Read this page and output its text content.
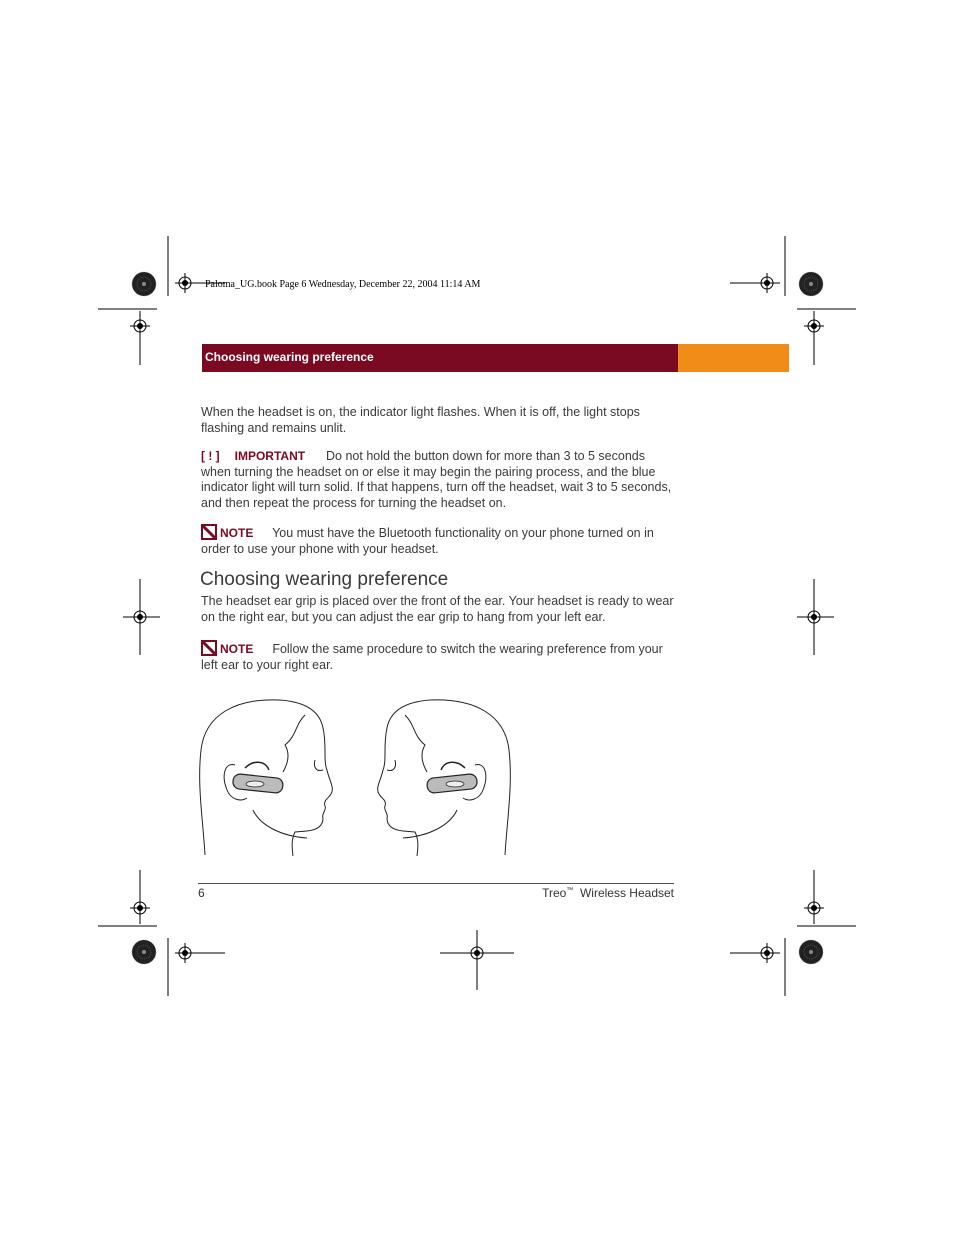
Paloma_UG.book Page 6 Wednesday, December 22, 2004 11:14 AM
Choosing wearing preference
When the headset is on, the indicator light flashes. When it is off, the light stops flashing and remains unlit.
[ ! ] IMPORTANT Do not hold the button down for more than 3 to 5 seconds when turning the headset on or else it may begin the pairing process, and the blue indicator light will turn solid. If that happens, turn off the headset, wait 3 to 5 seconds, and then repeat the process for turning the headset on.
NOTE You must have the Bluetooth functionality on your phone turned on in order to use your phone with your headset.
Choosing wearing preference
The headset ear grip is placed over the front of the ear. Your headset is ready to wear on the right ear, but you can adjust the ear grip to hang from your left ear.
NOTE Follow the same procedure to switch the wearing preference from your left ear to your right ear.
6	Treo™ Wireless Headset
